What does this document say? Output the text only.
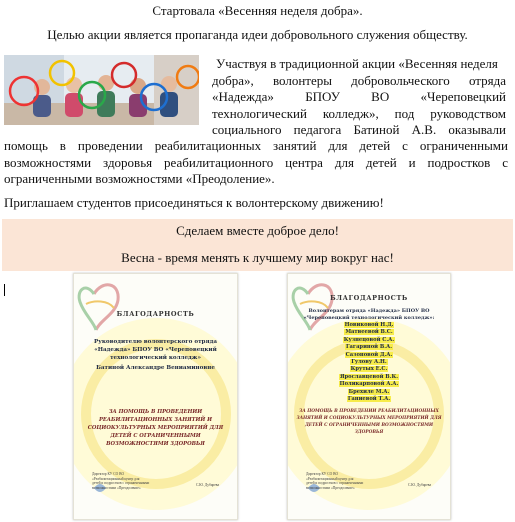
Стартовала «Весенняя неделя добра».
Целью акции является пропаганда идеи добровольного служения обществу.
Участвуя в традиционной акции «Весенняя неделя
добра», волонтеры добровольческого отряда
«Надежда» БПОУ ВО «Череповецкий
технологический колледж», под руководством
социального педагога Батиной А.В. оказывали
помощь в проведении реабилитационных занятий для детей с ограниченными
возможностями здоровья реабилитационного центра для детей и подростков с
ограниченными возможностями «Преодоление».
Приглашаем студентов присоединяться к волонтерскому движению!
Сделаем вместе доброе дело!
Весна - время менять к лучшему мир вокруг нас!
БЛАГОДАРНОСТЬ
Руководителю волонтерского отряда
«Надежда» БПОУ ВО «Череповецкий
технологический колледж»
Батиной Александре Вениаминовне
ЗА ПОМОЩЬ В ПРОВЕДЕНИИ
РЕАБИЛИТАЦИОННЫХ ЗАНЯТИЙ И
СОЦИОКУЛЬТУРНЫХ МЕРОПРИЯТИЙ ДЛЯ
ДЕТЕЙ С ОГРАНИЧЕННЫМИ
ВОЗМОЖНОСТЯМИ ЗДОРОВЬЯ
Директор КУ СО ВО
«Реабилитационный центр для
детей и подростков с ограниченными
возможностями «Преодоление»
С.Ю. Дубарева
БЛАГОДАРНОСТЬ
Волонтерам отряда «Надежда» БПОУ ВО
«Череповецкий технологический колледж»:
Новиковой Н.Д.
Матвеевой В.С.
Кузнецовой С.А.
Гагариной В.А.
Сазоновой Д.А.
Гулову А.Н.
Крутых Е.С.
Ярославцевой В.К.
Поликарповой А.А.
Брехиле М.А.
Ганиевой Т.А.
ЗА ПОМОЩЬ В ПРОВЕДЕНИИ РЕАБИЛИТАЦИОННЫХ
ЗАНЯТИЙ И СОЦИОКУЛЬТУРНЫХ МЕРОПРИЯТИЙ ДЛЯ
ДЕТЕЙ С ОГРАНИЧЕННЫМИ ВОЗМОЖНОСТЯМИ
ЗДОРОВЬЯ
Директор КУ СО ВО
«Реабилитационный центр для
детей и подростков с ограниченными
возможностями «Преодоление»
С.Ю. Дубарева
